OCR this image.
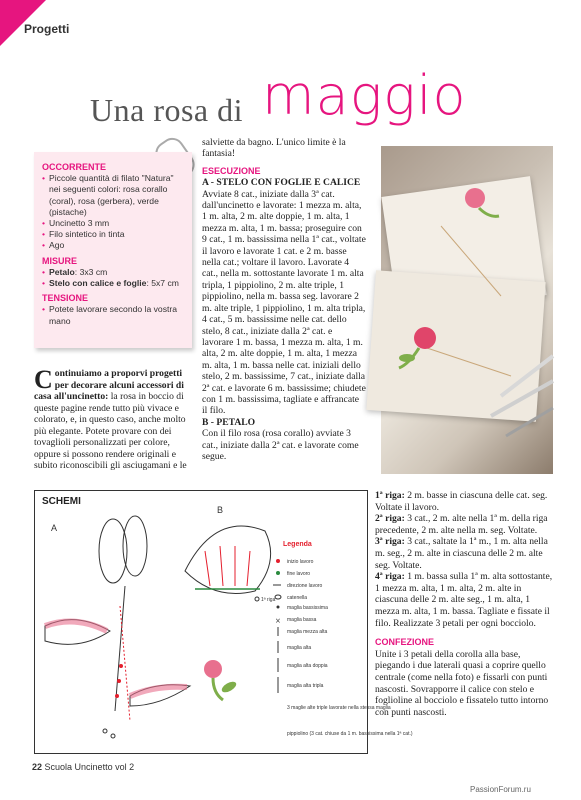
Progetti
Una rosa di maggio
OCCORRENTE
• Piccole quantità di filato "Natura" nei seguenti colori: rosa corallo (coral), rosa (gerbera), verde (pistache)
• Uncinetto 3 mm
• Filo sintetico in tinta
• Ago
MISURE
• Petalo: 3x3 cm
• Stelo con calice e foglie: 5x7 cm
TENSIONE
• Potete lavorare secondo la vostra mano
Continuiamo a proporvi progetti per decorare alcuni accessori di casa all'uncinetto: la rosa in boccio di queste pagine rende tutto più vivace e colorato, e, in questo caso, anche molto più elegante. Potete provare con dei tovaglioli personalizzati per colore, oppure si possono rendere originali e subito riconoscibili gli asciugamani e le
salviette da bagno. L'unico limite è la fantasia!
ESECUZIONE
A - STELO CON FOGLIE E CALICE
Avviate 8 cat., iniziate dalla 3ª cat. dall'uncinetto e lavorate: 1 mezza m. alta, 1 m. alta, 2 m. alte doppie, 1 m. alta, 1 mezza m. alta, 1 m. bassa; proseguire con 9 cat., 1 m. bassissima nella 1ª cat., voltate il lavoro e lavorate 1 cat. e 2 m. basse nella cat.; voltare il lavoro. Lavorate 4 cat., nella m. sottostante lavorate 1 m. alta tripla, 1 pippiolino, 2 m. alte triple, 1 pippiolino, nella m. bassa seg. lavorare 2 m. alte triple, 1 pippiolino, 1 m. alta tripla, 4 cat., 5 m. bassissime nelle cat. dello stelo, 8 cat., iniziate dalla 2ª cat. e lavorare 1 m. bassa, 1 mezza m. alta, 1 m. alta, 2 m. alte doppie, 1 m. alta, 1 mezza m. alta, 1 m. bassa nelle cat. iniziali dello stelo, 2 m. bassissime, 7 cat., iniziate dalla 2ª cat. e lavorate 6 m. bassissime; chiudete con 1 m. bassissima, tagliate e affrancate il filo.
B - PETALO
Con il filo rosa (rosa corallo) avviate 3 cat., iniziate dalla 2ª cat. e lavorate come segue.
A
B
1ª riga
Legenda
inizio lavoro
fine lavoro
direzione lavoro
catenella
maglia bassissima
maglia bassa
maglia mezza alta
maglia alta
maglia alta doppia
maglia alta tripla
3 maglie alte triple lavorate nella stessa maglia
pippiolino (3 cat. chiuse da 1 m. bassissima nella 1ª cat.)
×
SCHEMI
1ª riga: 2 m. basse in ciascuna delle cat. seg. Voltate il lavoro.
2ª riga: 3 cat., 2 m. alte nella 1ª m. della riga precedente, 2 m. alte nella m. seg. Voltate.
3ª riga: 3 cat., saltate la 1ª m., 1 m. alta nella m. seg., 2 m. alte in ciascuna delle 2 m. alte seg. Voltate.
4ª riga: 1 m. bassa sulla 1ª m. alta sottostante, 1 mezza m. alta, 1 m. alta, 2 m. alte in ciascuna delle 2 m. alte seg., 1 m. alta, 1 mezza m. alta, 1 m. bassa. Tagliate e fissate il filo. Realizzate 3 petali per ogni bocciolo.
CONFEZIONE
Unite i 3 petali della corolla alla base, piegando i due laterali quasi a coprire quello centrale (come nella foto) e fissarli con punti nascosti. Sovrapporre il calice con stelo e foglioline al bocciolo e fissatelo tutto intorno con punti nascosti.
22 Scuola Uncinetto vol 2
PassionForum.ru
